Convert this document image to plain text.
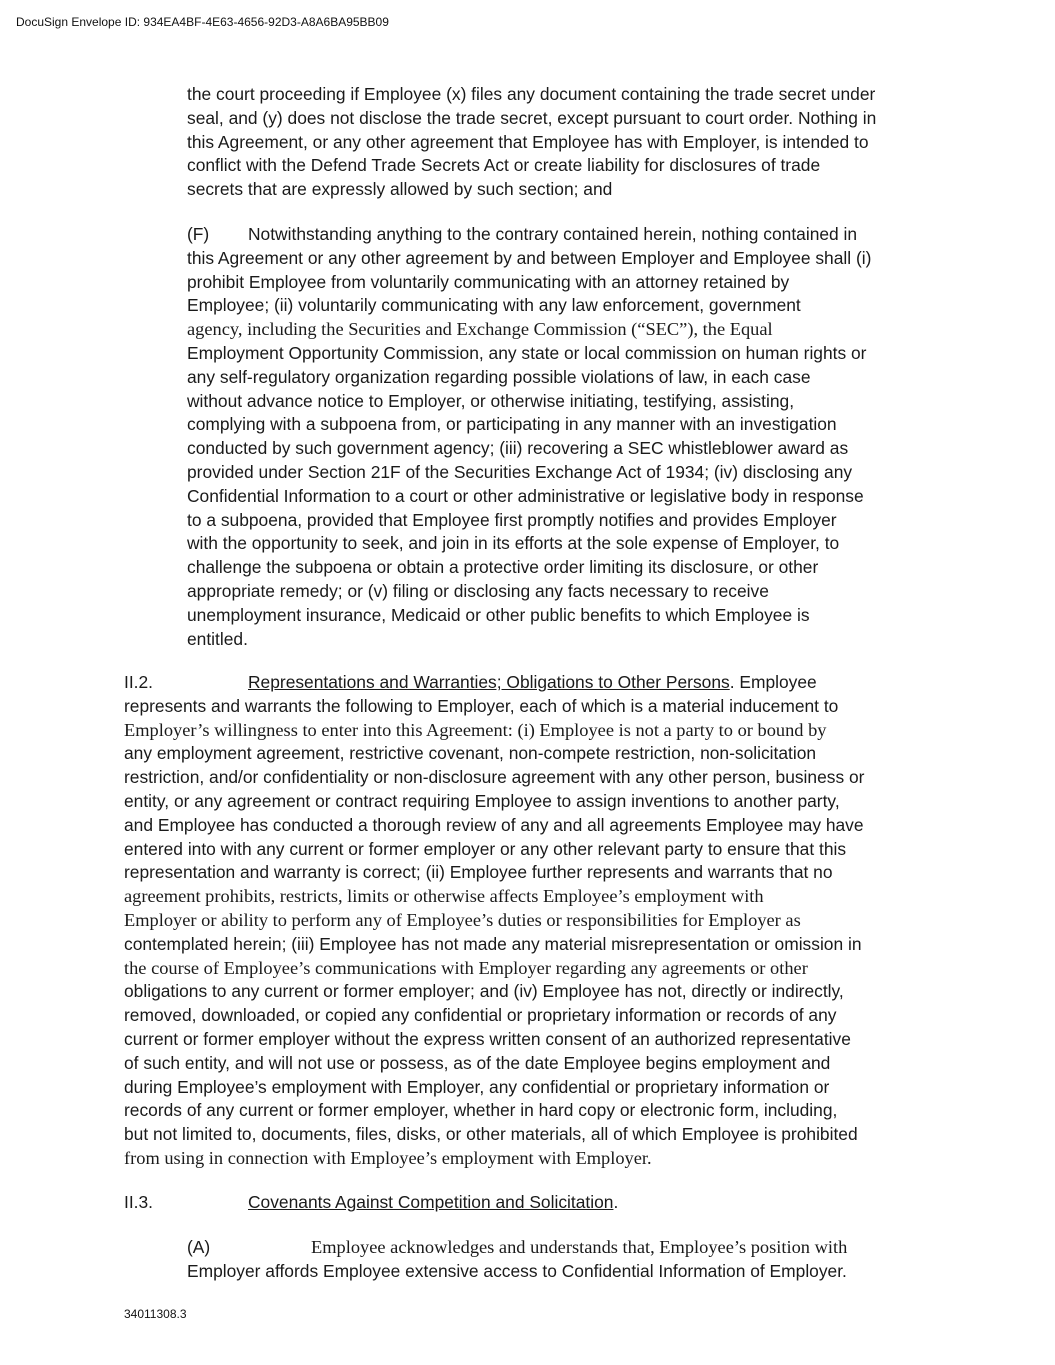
DocuSign Envelope ID: 934EA4BF-4E63-4656-92D3-A8A6BA95BB09
the court proceeding if Employee (x) files any document containing the trade secret under
seal, and (y) does not disclose the trade secret, except pursuant to court order. Nothing in
this Agreement, or any other agreement that Employee has with Employer, is intended to
conflict with the Defend Trade Secrets Act or create liability for disclosures of trade
secrets that are expressly allowed by such section; and
(F) Notwithstanding anything to the contrary contained herein, nothing contained in
this Agreement or any other agreement by and between Employer and Employee shall (i)
prohibit Employee from voluntarily communicating with an attorney retained by
Employee; (ii) voluntarily communicating with any law enforcement, government
agency, including the Securities and Exchange Commission (“SEC”), the Equal
Employment Opportunity Commission, any state or local commission on human rights or
any self-regulatory organization regarding possible violations of law, in each case
without advance notice to Employer, or otherwise initiating, testifying, assisting,
complying with a subpoena from, or participating in any manner with an investigation
conducted by such government agency; (iii) recovering a SEC whistleblower award as
provided under Section 21F of the Securities Exchange Act of 1934; (iv) disclosing any
Confidential Information to a court or other administrative or legislative body in response
to a subpoena, provided that Employee first promptly notifies and provides Employer
with the opportunity to seek, and join in its efforts at the sole expense of Employer, to
challenge the subpoena or obtain a protective order limiting its disclosure, or other
appropriate remedy; or (v) filing or disclosing any facts necessary to receive
unemployment insurance, Medicaid or other public benefits to which Employee is
entitled.
II.2.	Representations and Warranties; Obligations to Other Persons. Employee
represents and warrants the following to Employer, each of which is a material inducement to
Employer’s willingness to enter into this Agreement: (i) Employee is not a party to or bound by
any employment agreement, restrictive covenant, non-compete restriction, non-solicitation
restriction, and/or confidentiality or non-disclosure agreement with any other person, business or
entity, or any agreement or contract requiring Employee to assign inventions to another party,
and Employee has conducted a thorough review of any and all agreements Employee may have
entered into with any current or former employer or any other relevant party to ensure that this
representation and warranty is correct; (ii) Employee further represents and warrants that no
agreement prohibits, restricts, limits or otherwise affects Employee’s employment with
Employer or ability to perform any of Employee’s duties or responsibilities for Employer as
contemplated herein; (iii) Employee has not made any material misrepresentation or omission in
the course of Employee’s communications with Employer regarding any agreements or other
obligations to any current or former employer; and (iv) Employee has not, directly or indirectly,
removed, downloaded, or copied any confidential or proprietary information or records of any
current or former employer without the express written consent of an authorized representative
of such entity, and will not use or possess, as of the date Employee begins employment and
during Employee’s employment with Employer, any confidential or proprietary information or
records of any current or former employer, whether in hard copy or electronic form, including,
but not limited to, documents, files, disks, or other materials, all of which Employee is prohibited
from using in connection with Employee’s employment with Employer.
II.3.	Covenants Against Competition and Solicitation.
(A)	Employee acknowledges and understands that, Employee’s position with
Employer affords Employee extensive access to Confidential Information of Employer.
34011308.3
